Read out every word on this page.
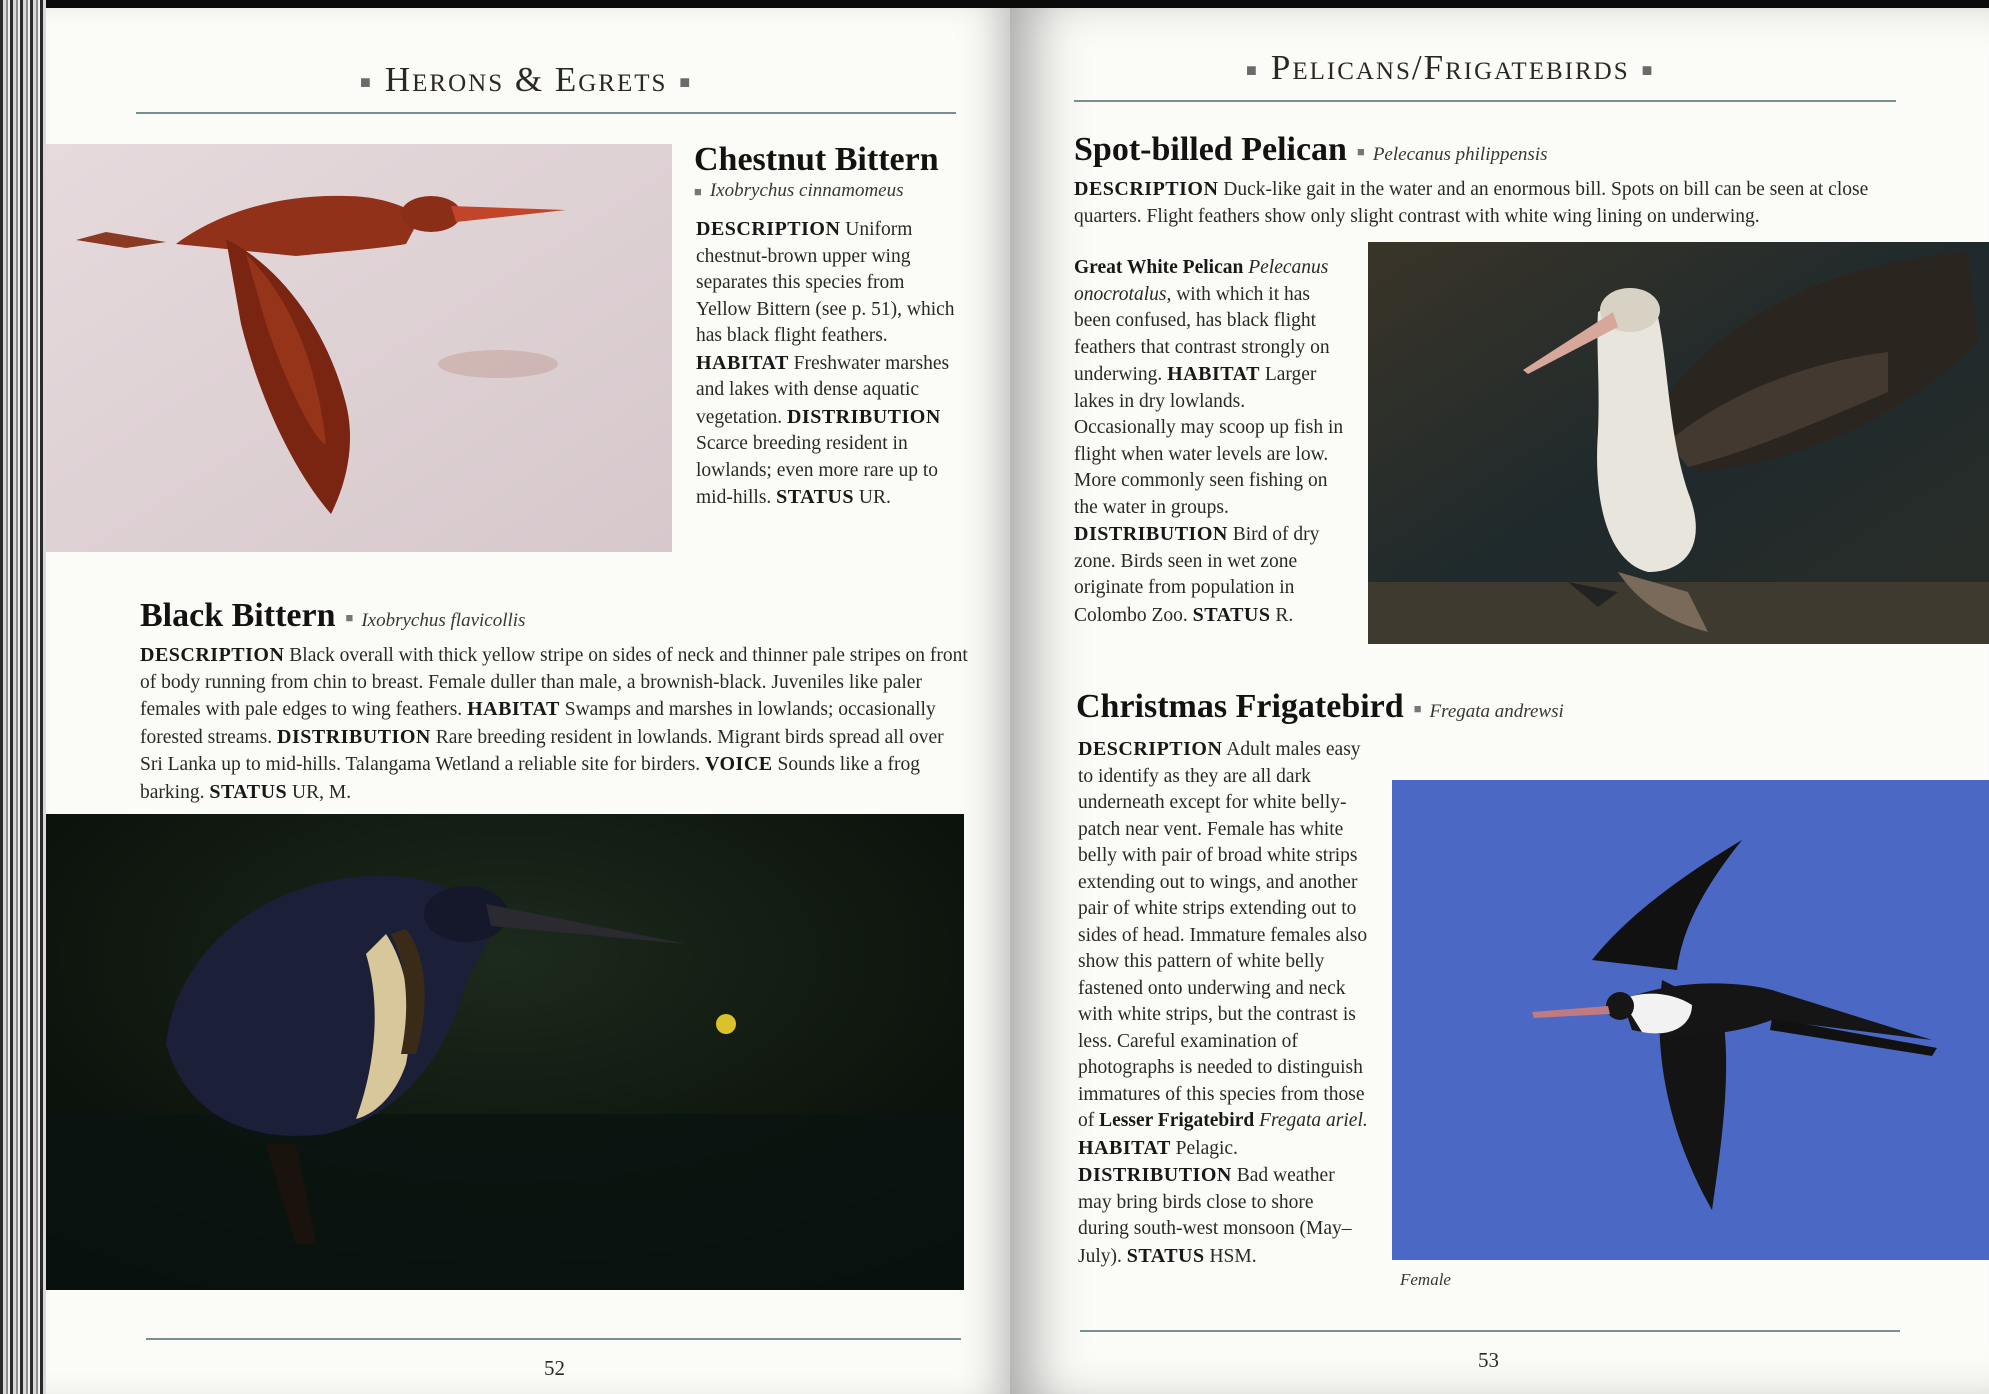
■ Herons & Egrets ■
Chestnut Bittern
■ Ixobrychus cinnamomeus
DESCRIPTION Uniform chestnut-brown upper wing separates this species from Yellow Bittern (see p. 51), which has black flight feathers. HABITAT Freshwater marshes and lakes with dense aquatic vegetation. DISTRIBUTION Scarce breeding resident in lowlands; even more rare up to mid-hills. STATUS UR.
Black Bittern ■ Ixobrychus flavicollis
DESCRIPTION Black overall with thick yellow stripe on sides of neck and thinner pale stripes on front of body running from chin to breast. Female duller than male, a brownish-black. Juveniles like paler females with pale edges to wing feathers. HABITAT Swamps and marshes in lowlands; occasionally forested streams. DISTRIBUTION Rare breeding resident in lowlands. Migrant birds spread all over Sri Lanka up to mid-hills. Talangama Wetland a reliable site for birders. VOICE Sounds like a frog barking. STATUS UR, M.
52
■ Pelicans/Frigatebirds ■
Spot-billed Pelican ■ Pelecanus philippensis
DESCRIPTION Duck-like gait in the water and an enormous bill. Spots on bill can be seen at close quarters. Flight feathers show only slight contrast with white wing lining on underwing.
Great White Pelican Pelecanus onocrotalus, with which it has been confused, has black flight feathers that contrast strongly on underwing. HABITAT Larger lakes in dry lowlands. Occasionally may scoop up fish in flight when water levels are low. More commonly seen fishing on the water in groups. DISTRIBUTION Bird of dry zone. Birds seen in wet zone originate from population in Colombo Zoo. STATUS R.
Christmas Frigatebird ■ Fregata andrewsi
DESCRIPTION Adult males easy to identify as they are all dark underneath except for white belly-patch near vent. Female has white belly with pair of broad white strips extending out to wings, and another pair of white strips extending out to sides of head. Immature females also show this pattern of white belly fastened onto underwing and neck with white strips, but the contrast is less. Careful examination of photographs is needed to distinguish immatures of this species from those of Lesser Frigatebird Fregata ariel. HABITAT Pelagic. DISTRIBUTION Bad weather may bring birds close to shore during south-west monsoon (May–July). STATUS HSM.
Female
53
